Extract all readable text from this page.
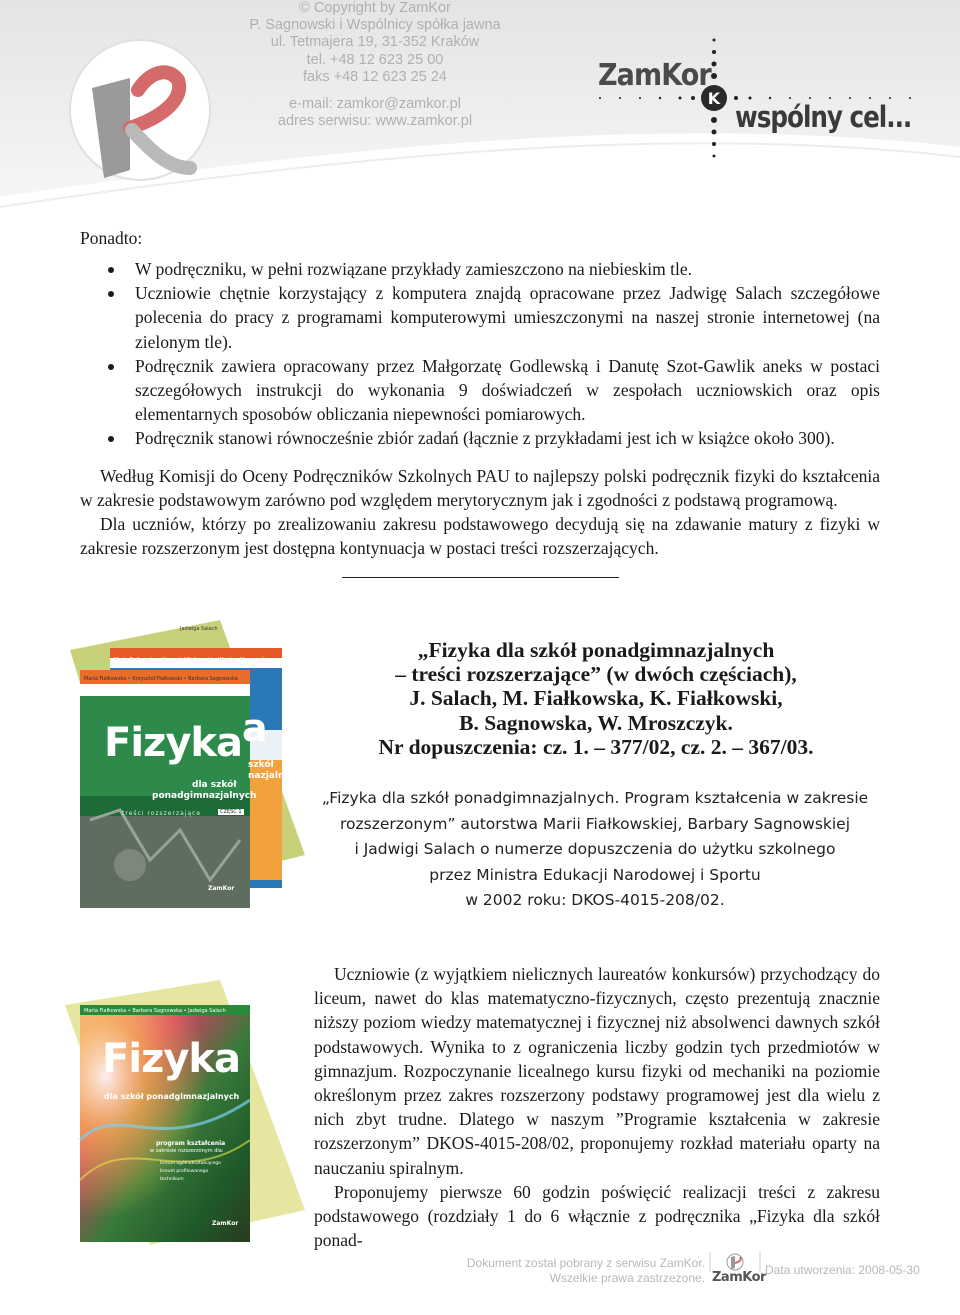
K
© Copyright by ZamKor
P. Sagnowski i Wspólnicy spółka jawna
ul. Tetmajera 19, 31-352 Kraków
tel. +48 12 623 25 00
faks +48 12 623 25 24
e-mail: zamkor@zamkor.pl
adres serwisu: www.zamkor.pl
ZamKor
wspólny cel...
Ponadto:
W podręczniku, w pełni rozwiązane przykłady zamieszczono na niebieskim tle.
Uczniowie chętnie korzystający z komputera znajdą opracowane przez Jadwigę Salach szczegółowe polecenia do pracy z programami komputerowymi umieszczonymi na naszej stronie internetowej (na zielonym tle).
Podręcznik zawiera opracowany przez Małgorzatę Godlewską i Danutę Szot-Gawlik aneks w postaci szczegółowych instrukcji do wykonania 9 doświadczeń w zespołach uczniowskich oraz opis elementarnych sposobów obliczania niepewności pomiarowych.
Podręcznik stanowi równocześnie zbiór zadań (łącznie z przykładami jest ich w książce około 300).

Według Komisji do Oceny Podręczników Szkolnych PAU to najlepszy polski podręcznik fizyki do kształcenia w zakresie podstawowym zarówno pod względem merytorycznym jak i zgodności z podstawą programową.

Dla uczniów, którzy po zrealizowaniu zakresu podstawowego decydują się na zdawanie matury z fizyki w zakresie rozszerzonym jest dostępna kontynuacja w postaci treści rozszerzających.

Jadwiga Salach
Maria Fiałkowska • Krzysztof Fiałkowski • Wiesław Mroszczyk
Maria Fiałkowska • Krzysztof Fiałkowski • Barbara Sagnowska
a
szkół
nazjalnych
Fizyka
dla szkół
ponadgimnazjalnych
treści rozszerzające	CZĘŚĆ 1
ZamKor
„Fizyka dla szkół ponadgimnazjalnych
– treści rozszerzające” (w dwóch częściach),
J. Salach, M. Fiałkowska, K. Fiałkowski,
B. Sagnowska, W. Mroszczyk.
Nr dopuszczenia: cz. 1. – 377/02, cz. 2. – 367/03.
„Fizyka dla szkół ponadgimnazjalnych. Program kształcenia w zakresie
rozszerzonym” autorstwa Marii Fiałkowskiej, Barbary Sagnowskiej
i Jadwigi Salach o numerze dopuszczenia do użytku szkolnego
przez Ministra Edukacji Narodowej i Sportu
w 2002 roku: DKOS-4015-208/02.
Maria Fiałkowska • Barbara Sagnowska • Jadwiga Salach
Fizyka
dla szkół ponadgimnazjalnych
program kształcenia
w zakresie rozszerzonym dla:
liceum ogólnokształcącego
liceum profilowanego
technikum
ZamKor

Uczniowie (z wyjątkiem nielicznych laureatów konkursów) przychodzący do liceum, nawet do klas matematyczno-fizycznych, często prezentują znacznie niższy poziom wiedzy matematycznej i fizycznej niż absolwenci dawnych szkół podstawowych. Wynika to z ograniczenia liczby godzin tych przedmiotów w gimnazjum. Rozpoczynanie licealnego kursu fizyki od mechaniki na poziomie określonym przez zakres rozszerzony podstawy programowej jest dla wielu z nich zbyt trudne. Dlatego w naszym ”Programie kształcenia w zakresie rozszerzonym” DKOS-4015-208/02, proponujemy rozkład materiału oparty na nauczaniu spiralnym.

Proponujemy pierwsze 60 godzin poświęcić realizacji treści z zakresu podstawowego (rozdziały 1 do 6 włącznie z podręcznika „Fizyka dla szkół ponad-

Dokument został pobrany z serwisu ZamKor.
Wszelkie prawa zastrzeżone. ZamKor Data utworzenia: 2008-05-30
